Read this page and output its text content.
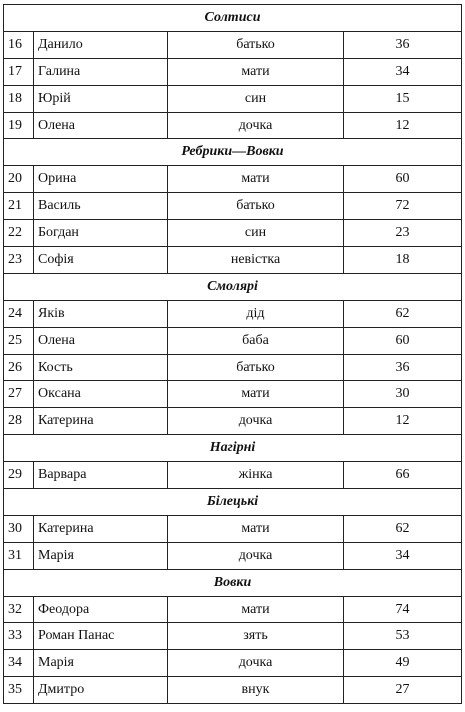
Солтиси			
16	Данило	батько	36
17	Галина	мати	34
18	Юрій	син	15
19	Олена	дочка	12
Ребрики—Вовки			
20	Орина	мати	60
21	Василь	батько	72
22	Богдан	син	23
23	Софія	невістка	18
Смолярі			
24	Яків	дід	62
25	Олена	баба	60
26	Кость	батько	36
27	Оксана	мати	30
28	Катерина	дочка	12
Нагірні			
29	Варвара	жінка	66
Білецькі			
30	Катерина	мати	62
31	Марія	дочка	34
Вовки			
32	Феодора	мати	74
33	Роман Панас	зять	53
34	Марія	дочка	49
35	Дмитро	внук	27
